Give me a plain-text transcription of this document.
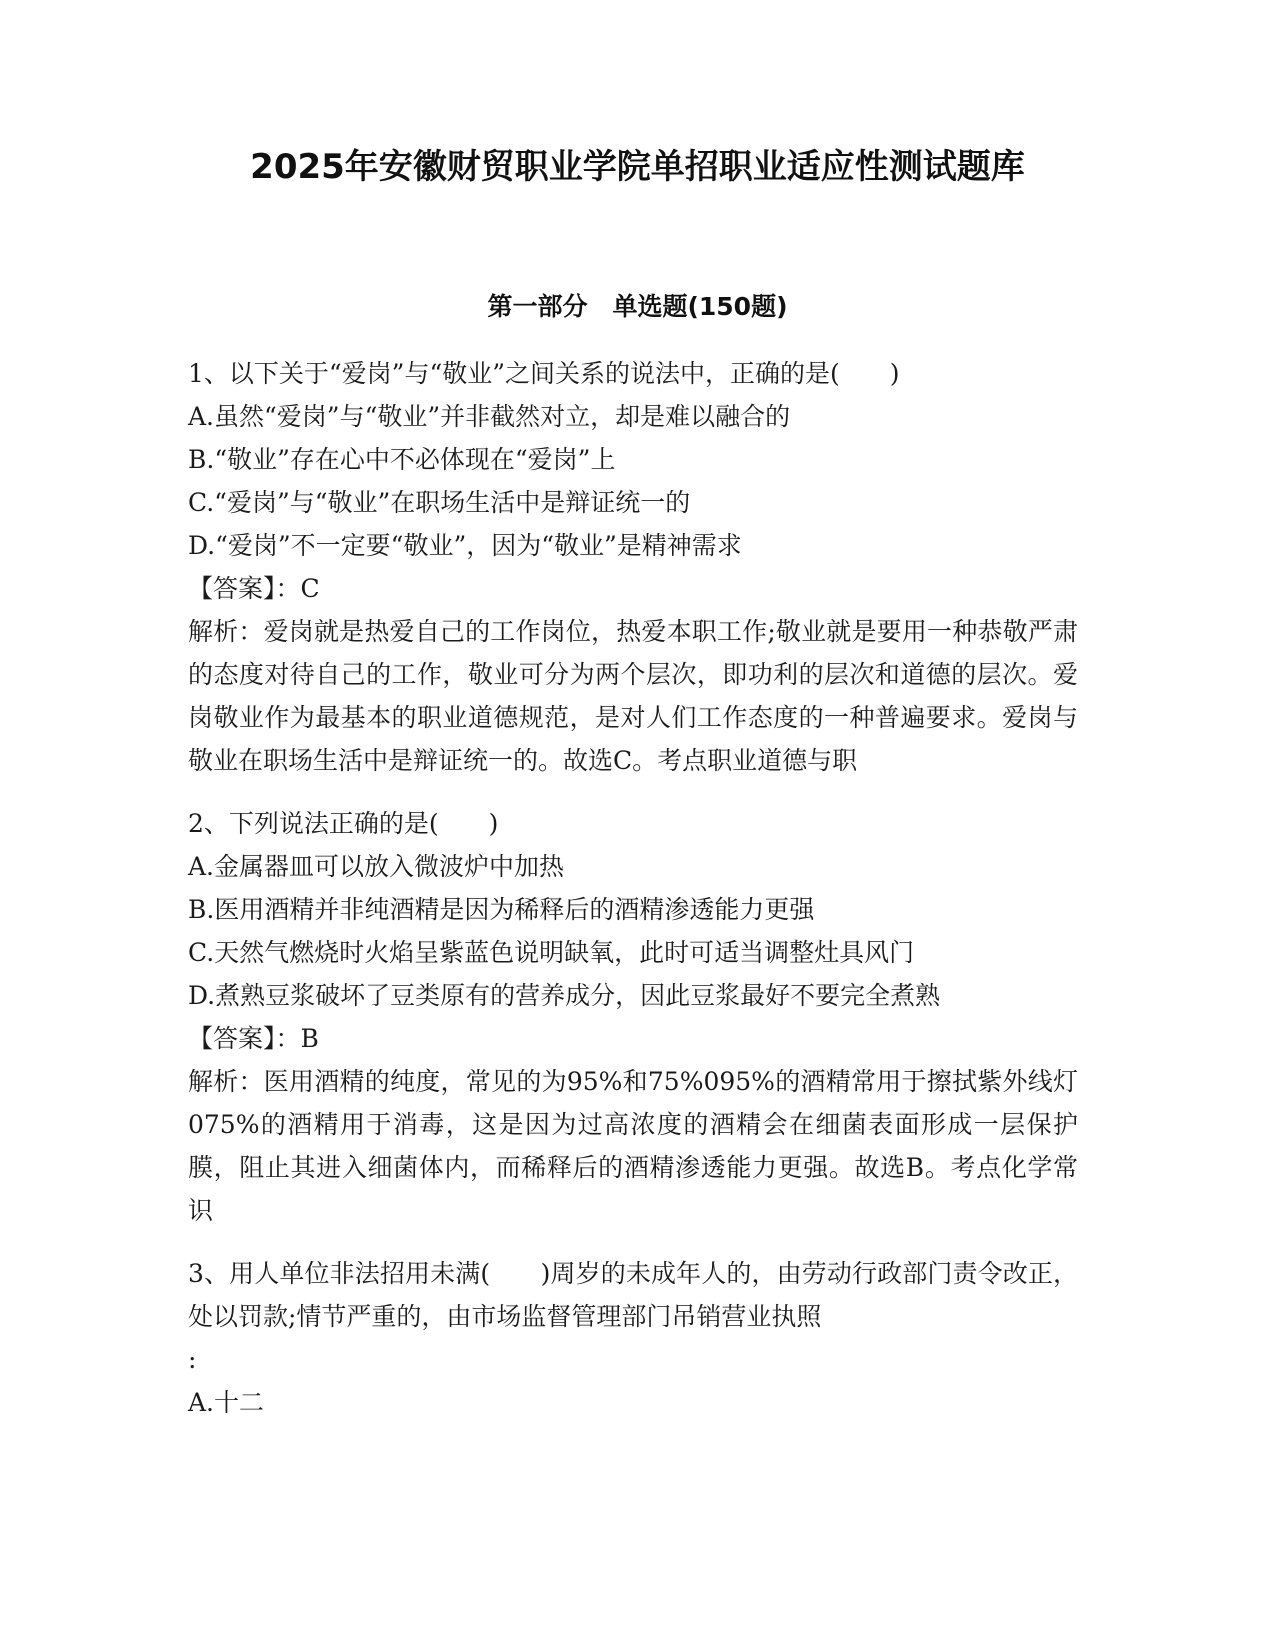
2025年安徽财贸职业学院单招职业适应性测试题库
第一部分　单选题(150题)
1、以下关于“爱岗”与“敬业”之间关系的说法中，正确的是(　　)
A.虽然“爱岗”与“敬业”并非截然对立，却是难以融合的
B.“敬业”存在心中不必体现在“爱岗”上
C.“爱岗”与“敬业”在职场生活中是辩证统一的
D.“爱岗”不一定要“敬业”，因为“敬业”是精神需求
【答案】：C
解析：爱岗就是热爱自己的工作岗位，热爱本职工作;敬业就是要用一种恭敬严肃的态度对待自己的工作，敬业可分为两个层次，即功利的层次和道德的层次。爱岗敬业作为最基本的职业道德规范，是对人们工作态度的一种普遍要求。爱岗与敬业在职场生活中是辩证统一的。故选C。考点职业道德与职
2、下列说法正确的是(　　)
A.金属器皿可以放入微波炉中加热
B.医用酒精并非纯酒精是因为稀释后的酒精渗透能力更强
C.天然气燃烧时火焰呈紫蓝色说明缺氧，此时可适当调整灶具风门
D.煮熟豆浆破坏了豆类原有的营养成分，因此豆浆最好不要完全煮熟
【答案】：B
解析：医用酒精的纯度，常见的为95%和75%095%的酒精常用于擦拭紫外线灯075%的酒精用于消毒，这是因为过高浓度的酒精会在细菌表面形成一层保护膜，阻止其进入细菌体内，而稀释后的酒精渗透能力更强。故选B。考点化学常识
3、用人单位非法招用未满(　　)周岁的未成年人的，由劳动行政部门责令改正，处以罚款;情节严重的，由市场监督管理部门吊销营业执照
:
A.十二
